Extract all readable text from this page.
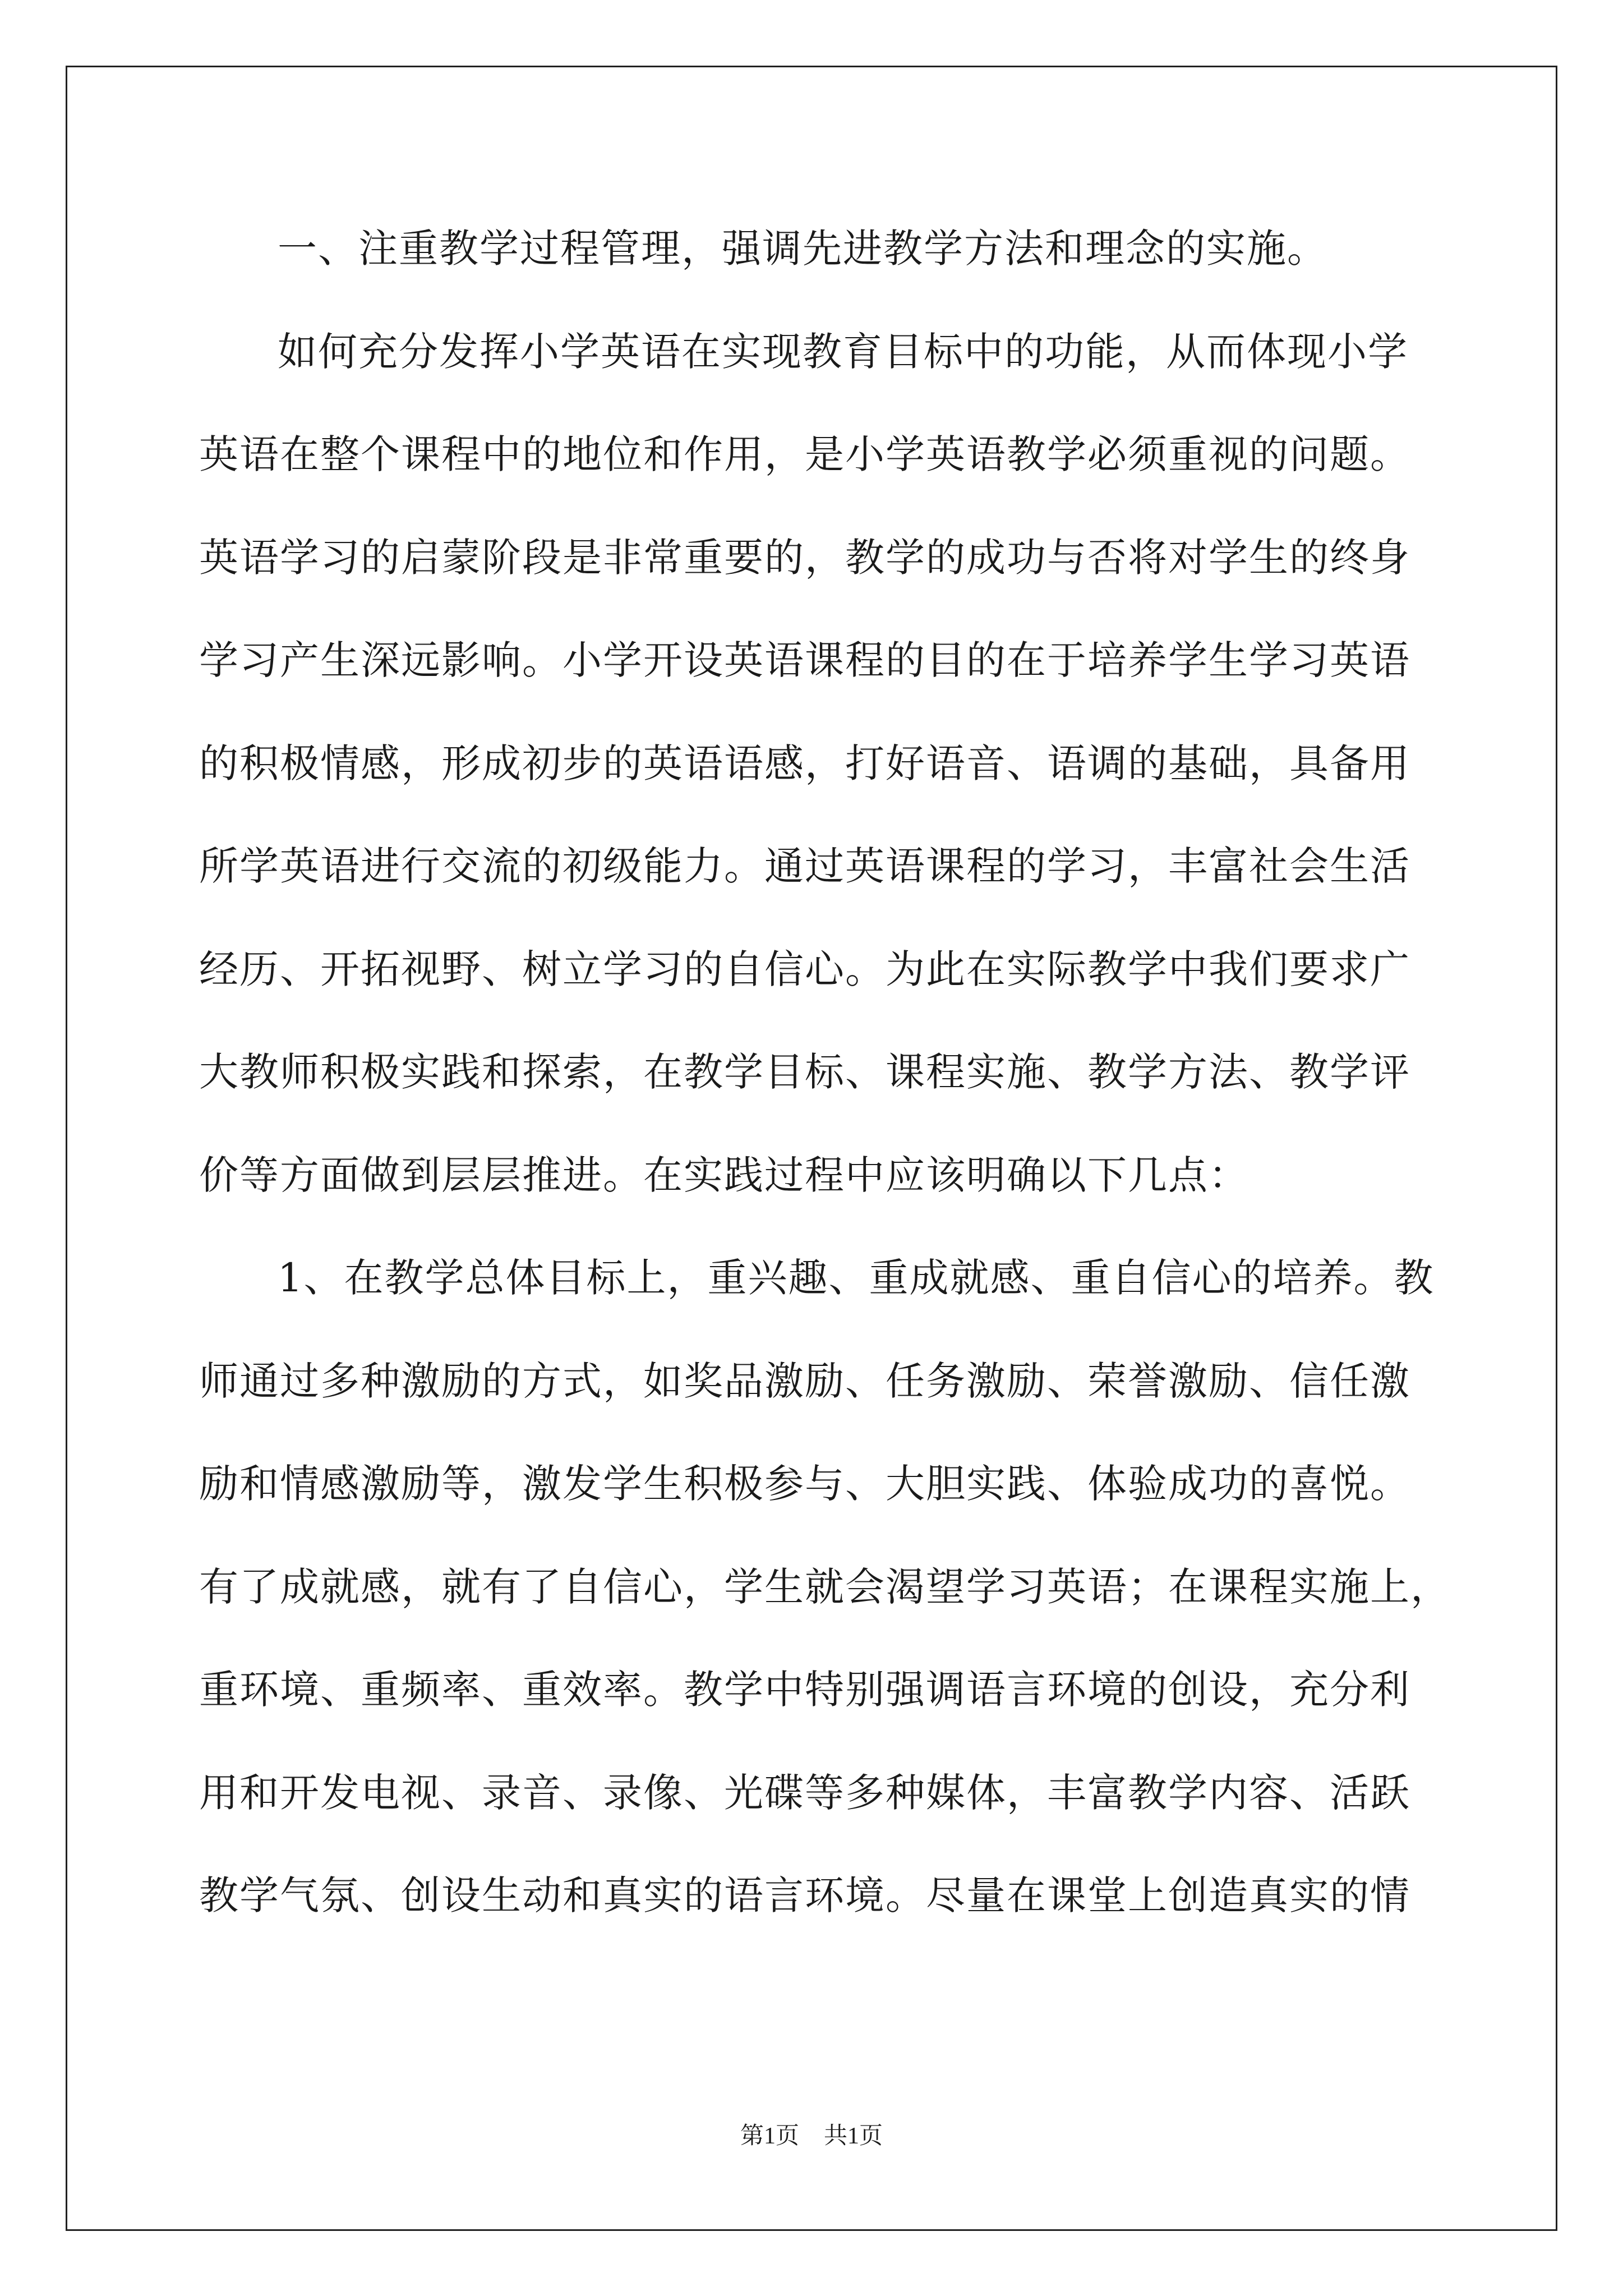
一、注重教学过程管理，强调先进教学方法和理念的实施。
如何充分发挥小学英语在实现教育目标中的功能，从而体现小学
英语在整个课程中的地位和作用，是小学英语教学必须重视的问题。
英语学习的启蒙阶段是非常重要的，教学的成功与否将对学生的终身
学习产生深远影响。小学开设英语课程的目的在于培养学生学习英语
的积极情感，形成初步的英语语感，打好语音、语调的基础，具备用
所学英语进行交流的初级能力。通过英语课程的学习，丰富社会生活
经历、开拓视野、树立学习的自信心。为此在实际教学中我们要求广
大教师积极实践和探索，在教学目标、课程实施、教学方法、教学评
价等方面做到层层推进。在实践过程中应该明确以下几点：
1、在教学总体目标上，重兴趣、重成就感、重自信心的培养。教
师通过多种激励的方式，如奖品激励、任务激励、荣誉激励、信任激
励和情感激励等，激发学生积极参与、大胆实践、体验成功的喜悦。
有了成就感，就有了自信心，学生就会渴望学习英语；在课程实施上，
重环境、重频率、重效率。教学中特别强调语言环境的创设，充分利
用和开发电视、录音、录像、光碟等多种媒体，丰富教学内容、活跃
教学气氛、创设生动和真实的语言环境。尽量在课堂上创造真实的情
第1页 共1页
